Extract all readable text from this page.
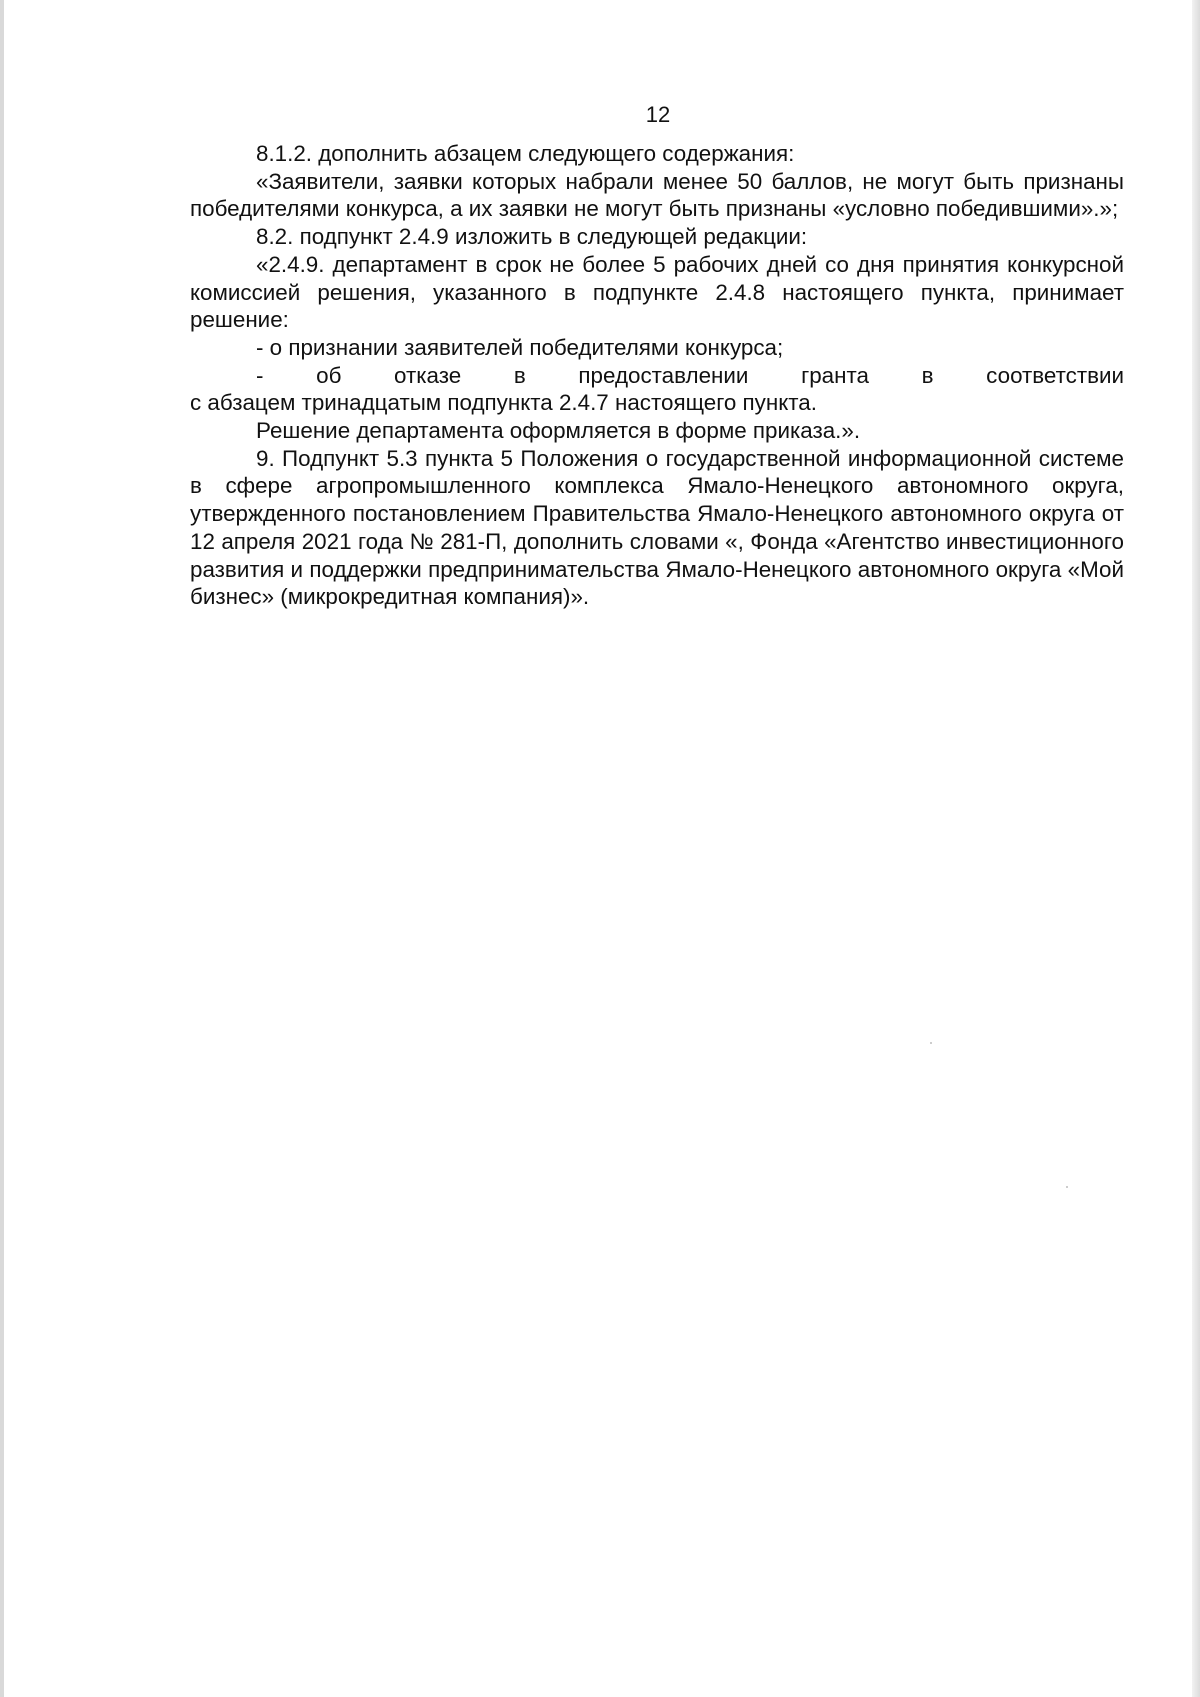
12

8.1.2. дополнить абзацем следующего содержания:

«Заявители, заявки которых набрали менее 50 баллов, не могут быть признаны победителями конкурса, а их заявки не могут быть признаны «условно победившими».»;

8.2. подпункт 2.4.9 изложить в следующей редакции:

«2.4.9. департамент в срок не более 5 рабочих дней со дня принятия конкурсной комиссией решения, указанного в подпункте 2.4.8 настоящего пункта, принимает решение:

- о признании заявителей победителями конкурса;

- об отказе в предоставлении гранта в соответствии

с абзацем тринадцатым подпункта 2.4.7 настоящего пункта.

Решение департамента оформляется в форме приказа.».

9. Подпункт 5.3 пункта 5 Положения о государственной информационной системе в сфере агропромышленного комплекса Ямало-Ненецкого автономного округа, утвержденного постановлением Правительства Ямало-Ненецкого автономного округа от 12 апреля 2021 года № 281-П, дополнить словами «, Фонда «Агентство инвестиционного развития и поддержки предпринимательства Ямало-Ненецкого автономного округа «Мой бизнес» (микрокредитная компания)».
